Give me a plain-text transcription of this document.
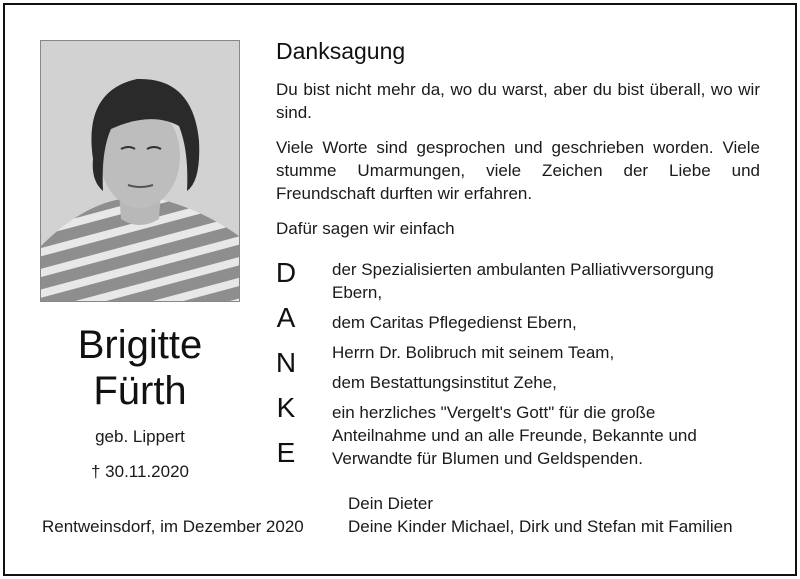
Brigitte
Fürth
geb. Lippert
† 30.11.2020
Danksagung
Du bist nicht mehr da, wo du warst, aber du bist überall, wo wir sind.
Viele Worte sind gesprochen und geschrieben worden. Viele stumme Umarmungen, viele Zeichen der Liebe und Freundschaft durften wir erfahren.
Dafür sagen wir einfach
D
A
N
K
E
der Spezialisierten ambulanten Palliativversorgung Ebern,
dem Caritas Pflegedienst Ebern,
Herrn Dr. Bolibruch mit seinem Team,
dem Bestattungsinstitut Zehe,
ein herzliches "Vergelt's Gott" für die große Anteilnahme und an alle Freunde, Bekannte und Verwandte für Blumen und Geldspenden.
Dein Dieter
Deine Kinder Michael, Dirk und Stefan mit Familien
Rentweinsdorf, im Dezember 2020
